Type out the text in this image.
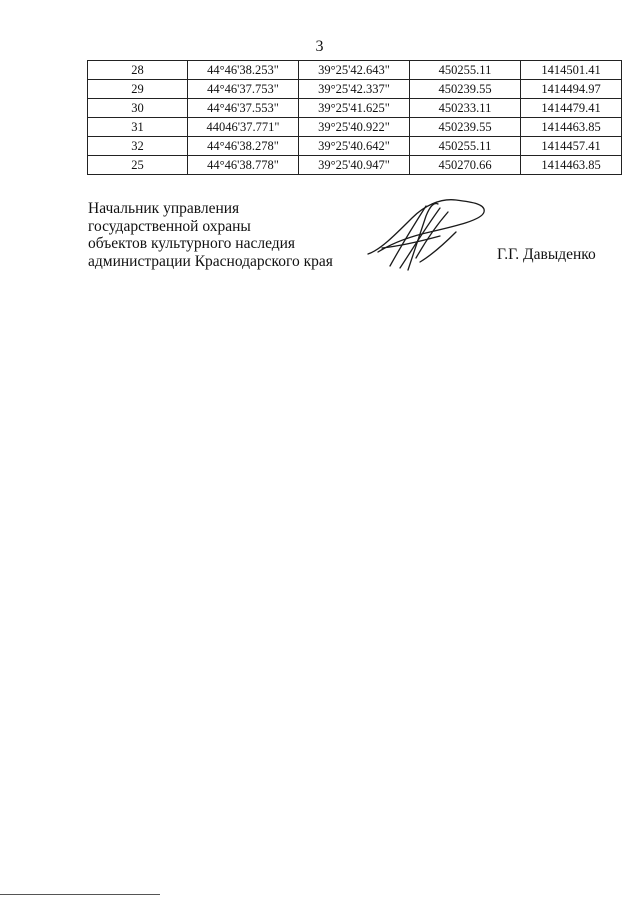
3
28	44°46'38.253"	39°25'42.643"	450255.11	1414501.41
29	44°46'37.753"	39°25'42.337"	450239.55	1414494.97
30	44°46'37.553"	39°25'41.625"	450233.11	1414479.41
31	44046'37.771"	39°25'40.922"	450239.55	1414463.85
32	44°46'38.278"	39°25'40.642"	450255.11	1414457.41
25	44°46'38.778"	39°25'40.947"	450270.66	1414463.85
Начальник управления
государственной охраны
объектов культурного наследия
администрации Краснодарского края	Г.Г. Давыденко
